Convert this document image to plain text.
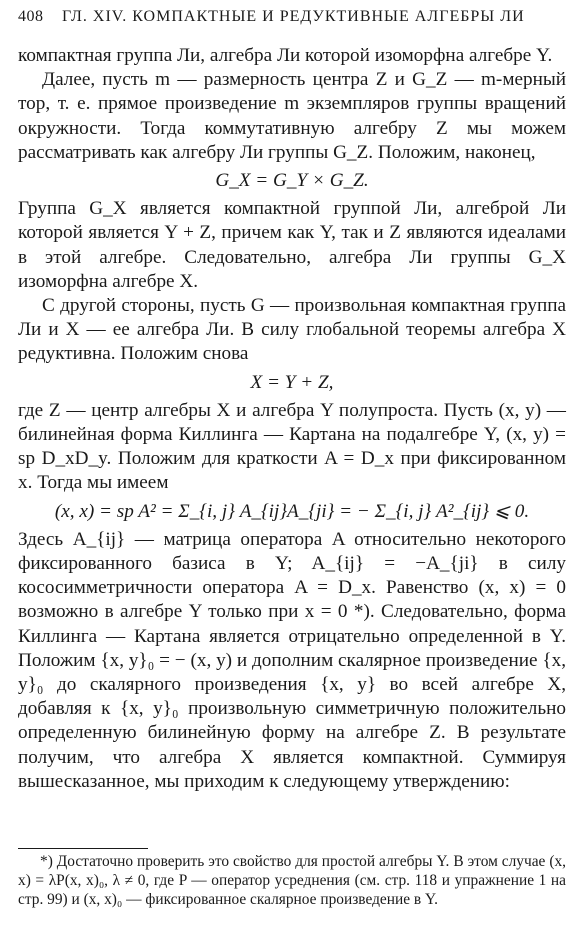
408 ГЛ. XIV. КОМПАКТНЫЕ И РЕДУКТИВНЫЕ АЛГЕБРЫ ЛИ

компактная группа Ли, алгебра Ли которой изоморфна алгебре Y.

Далее, пусть m — размерность центра Z и G_Z — m-мерный тор, т. е. прямое произведение m экземпляров группы вращений окружности. Тогда коммутативную алгебру Z мы можем рассматривать как алгебру Ли группы G_Z. Положим, наконец,

G_X = G_Y × G_Z.

Группа G_X является компактной группой Ли, алгеброй Ли которой является Y + Z, причем как Y, так и Z являются идеалами в этой алгебре. Следовательно, алгебра Ли группы G_X изоморфна алгебре X.

С другой стороны, пусть G — произвольная компактная группа Ли и X — ее алгебра Ли. В силу глобальной теоремы алгебра X редуктивна. Положим снова

X = Y + Z,

где Z — центр алгебры X и алгебра Y полупроста. Пусть (x, y) — билинейная форма Киллинга — Картана на подалгебре Y, (x, y) = sp D_xD_y. Положим для краткости A = D_x при фиксированном x. Тогда мы имеем

(x, x) = sp A² = Σ_{i, j} A_{ij}A_{ji} = − Σ_{i, j} A²_{ij} ⩽ 0.

Здесь A_{ij} — матрица оператора A относительно некоторого фиксированного базиса в Y; A_{ij} = −A_{ji} в силу кососимметричности оператора A = D_x. Равенство (x, x) = 0 возможно в алгебре Y только при x = 0 *). Следовательно, форма Киллинга — Картана является отрицательно определенной в Y. Положим {x, y}₀ = − (x, y) и дополним скалярное произведение {x, y}₀ до скалярного произведения {x, y} во всей алгебре X, добавляя к {x, y}₀ произвольную симметричную положительно определенную билинейную форму на алгебре Z. В результате получим, что алгебра X является компактной. Суммируя вышесказанное, мы приходим к следующему утверждению:

*) Достаточно проверить это свойство для простой алгебры Y. В этом случае (x, x) = λP(x, x)₀, λ ≠ 0, где P — оператор усреднения (см. стр. 118 и упражнение 1 на стр. 99) и (x, x)₀ — фиксированное скалярное произведение в Y.
